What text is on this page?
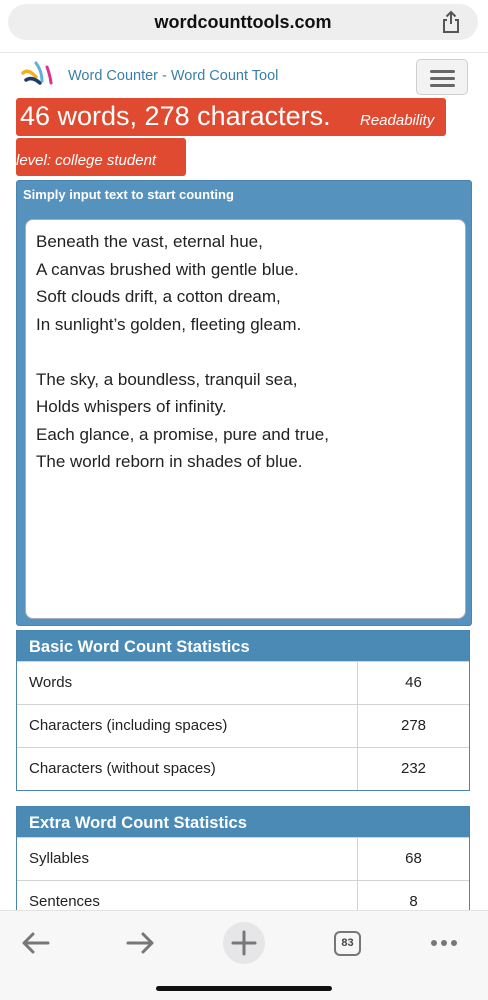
wordcounttools.com
Word Counter - Word Count Tool
46 words, 278 characters. Readability
level: college student
Simply input text to start counting
Beneath the vast, eternal hue,
A canvas brushed with gentle blue.
Soft clouds drift, a cotton dream,
In sunlight’s golden, fleeting gleam.
The sky, a boundless, tranquil sea,
Holds whispers of infinity.
Each glance, a promise, pure and true,
The world reborn in shades of blue.
Basic Word Count Statistics
Words	46
Characters (including spaces)	278
Characters (without spaces)	232
Extra Word Count Statistics
Syllables	68
Sentences	8
83
